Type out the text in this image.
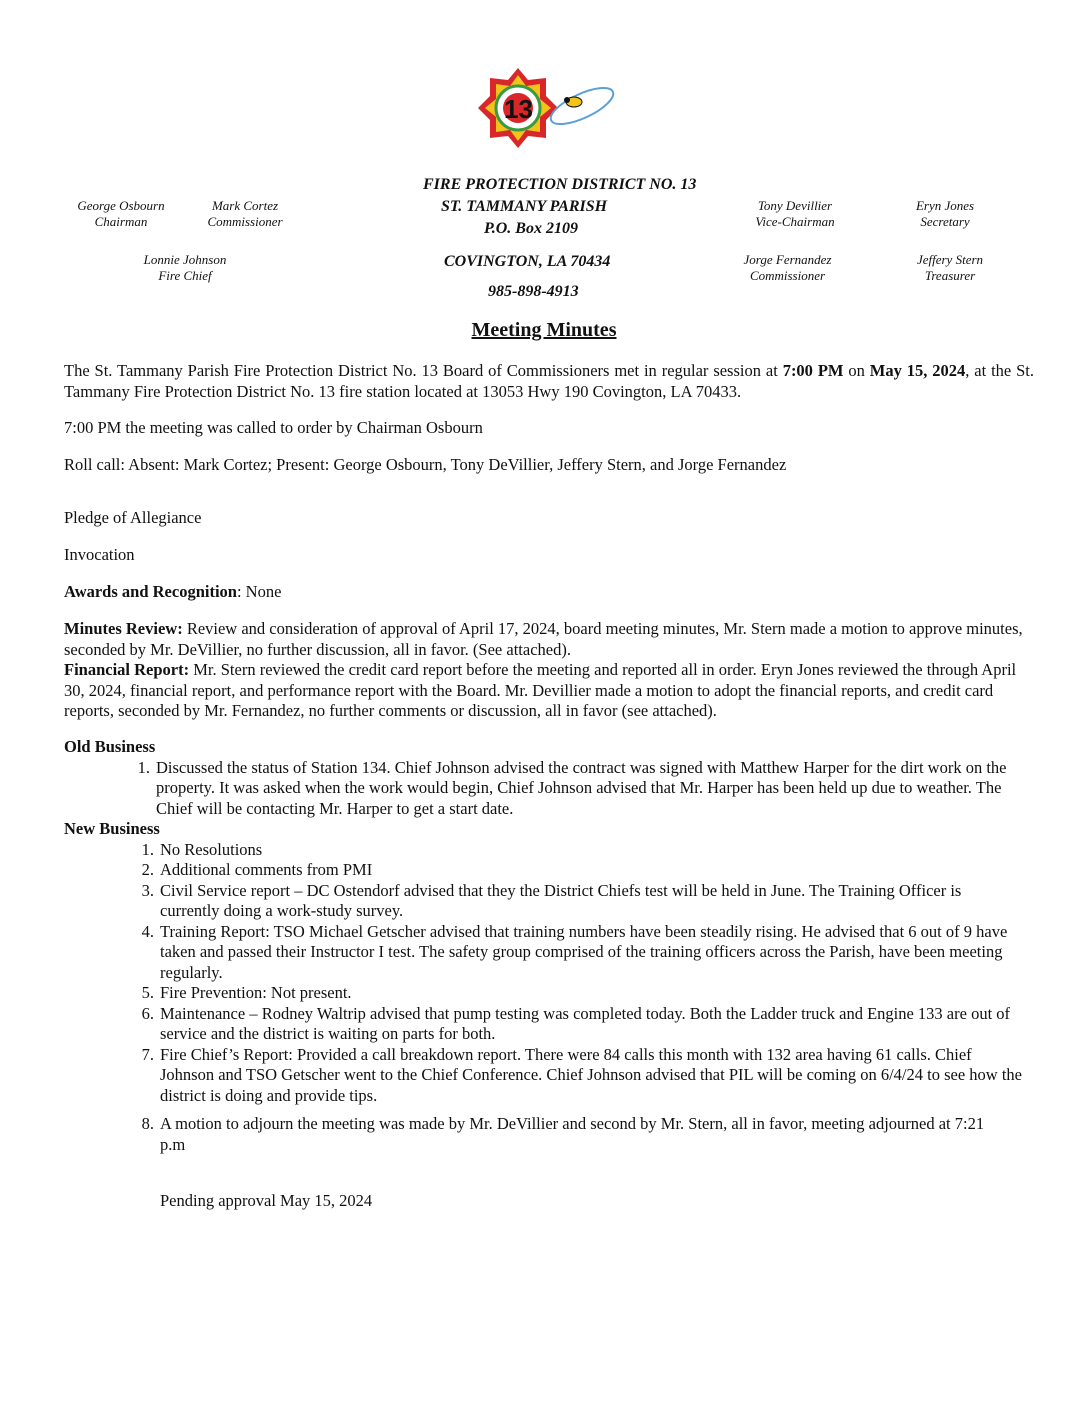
13
George Osbourn
Chairman
Mark Cortez
Commissioner
Lonnie Johnson
Fire Chief
Tony Devillier
Vice-Chairman
Eryn Jones
Secretary
Jorge Fernandez
Commissioner
Jeffery Stern
Treasurer
FIRE PROTECTION DISTRICT NO. 13
ST. TAMMANY PARISH
P.O. Box 2109
COVINGTON, LA 70434
985-898-4913
Meeting Minutes
The St. Tammany Parish Fire Protection District No. 13 Board of Commissioners met in regular session at 7:00 PM on May 15, 2024, at the St. Tammany Fire Protection District No. 13 fire station located at 13053 Hwy 190 Covington, LA 70433.
7:00 PM the meeting was called to order by Chairman Osbourn
Roll call: Absent: Mark Cortez; Present: George Osbourn, Tony DeVillier, Jeffery Stern, and Jorge Fernandez
Pledge of Allegiance
Invocation
Awards and Recognition: None
Minutes Review: Review and consideration of approval of April 17, 2024, board meeting minutes, Mr. Stern made a motion to approve minutes, seconded by Mr. DeVillier, no further discussion, all in favor. (See attached).
Financial Report: Mr. Stern reviewed the credit card report before the meeting and reported all in order. Eryn Jones reviewed the through April 30, 2024, financial report, and performance report with the Board. Mr. Devillier made a motion to adopt the financial reports, and credit card reports, seconded by Mr. Fernandez, no further comments or discussion, all in favor (see attached).
Old Business
1. Discussed the status of Station 134. Chief Johnson advised the contract was signed with Matthew Harper for the dirt work on the property. It was asked when the work would begin, Chief Johnson advised that Mr. Harper has been held up due to weather. The Chief will be contacting Mr. Harper to get a start date.
New Business
1. No Resolutions
2. Additional comments from PMI
3. Civil Service report – DC Ostendorf advised that they the District Chiefs test will be held in June. The Training Officer is currently doing a work-study survey.
4. Training Report: TSO Michael Getscher advised that training numbers have been steadily rising. He advised that 6 out of 9 have taken and passed their Instructor I test. The safety group comprised of the training officers across the Parish, have been meeting regularly.
5. Fire Prevention: Not present.
6. Maintenance – Rodney Waltrip advised that pump testing was completed today. Both the Ladder truck and Engine 133 are out of service and the district is waiting on parts for both.
7. Fire Chief’s Report: Provided a call breakdown report. There were 84 calls this month with 132 area having 61 calls. Chief Johnson and TSO Getscher went to the Chief Conference. Chief Johnson advised that PIL will be coming on 6/4/24 to see how the district is doing and provide tips.
8. A motion to adjourn the meeting was made by Mr. DeVillier and second by Mr. Stern, all in favor, meeting adjourned at 7:21 p.m
Pending approval May 15, 2024
